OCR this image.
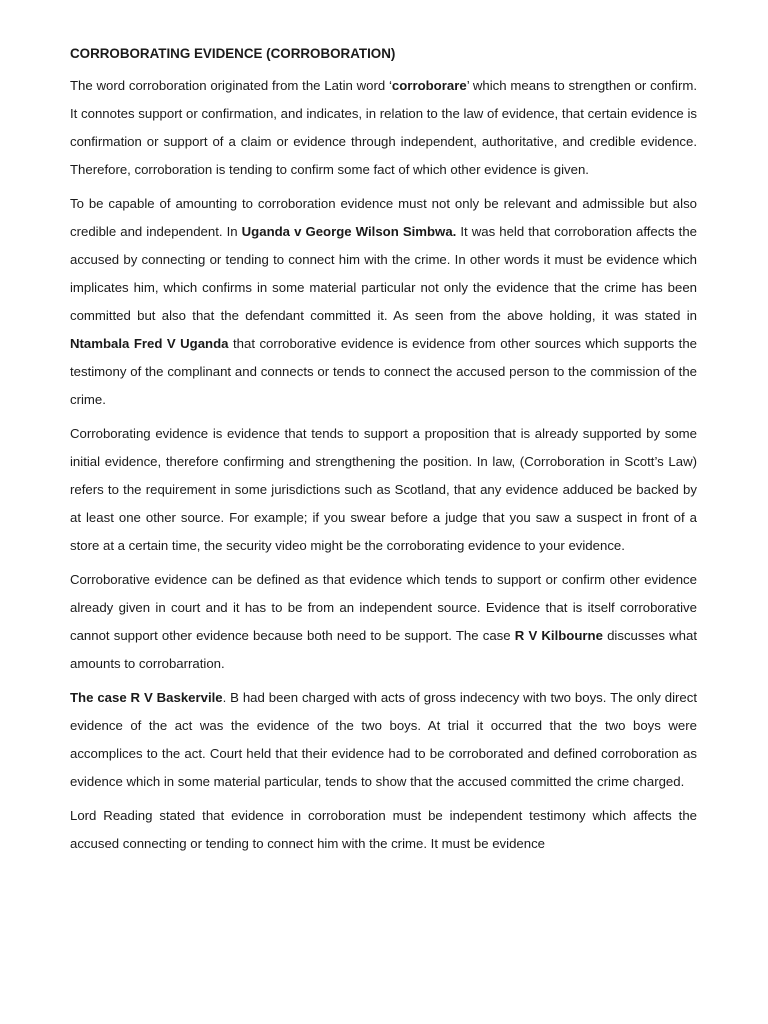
CORROBORATING EVIDENCE (CORROBORATION)

The word corroboration originated from the Latin word ‘corroborare’ which means to strengthen or confirm. It connotes support or confirmation, and indicates, in relation to the law of evidence, that certain evidence is confirmation or support of a claim or evidence through independent, authoritative, and credible evidence. Therefore, corroboration is tending to confirm some fact of which other evidence is given.

To be capable of amounting to corroboration evidence must not only be relevant and admissible but also credible and independent. In Uganda v George Wilson Simbwa. It was held that corroboration affects the accused by connecting or tending to connect him with the crime. In other words it must be evidence which implicates him, which confirms in some material particular not only the evidence that the crime has been committed but also that the defendant committed it. As seen from the above holding, it was stated in Ntambala Fred V Uganda that corroborative evidence is evidence from other sources which supports the testimony of the complinant and connects or tends to connect the accused person to the commission of the crime.

Corroborating evidence is evidence that tends to support a proposition that is already supported by some initial evidence, therefore confirming and strengthening the position. In law, (Corroboration in Scott’s Law) refers to the requirement in some jurisdictions such as Scotland, that any evidence adduced be backed by at least one other source. For example; if you swear before a judge that you saw a suspect in front of a store at a certain time, the security video might be the corroborating evidence to your evidence.

Corroborative evidence can be defined as that evidence which tends to support or confirm other evidence already given in court and it has to be from an independent source. Evidence that is itself corroborative cannot support other evidence because both need to be support. The case R V Kilbourne discusses what amounts to corrobarration.

The case R V Baskervile. B had been charged with acts of gross indecency with two boys. The only direct evidence of the act was the evidence of the two boys. At trial it occurred that the two boys were accomplices to the act. Court held that their evidence had to be corroborated and defined corroboration as evidence which in some material particular, tends to show that the accused committed the crime charged.

Lord Reading stated that evidence in corroboration must be independent testimony which affects the accused connecting or tending to connect him with the crime. It must be evidence
